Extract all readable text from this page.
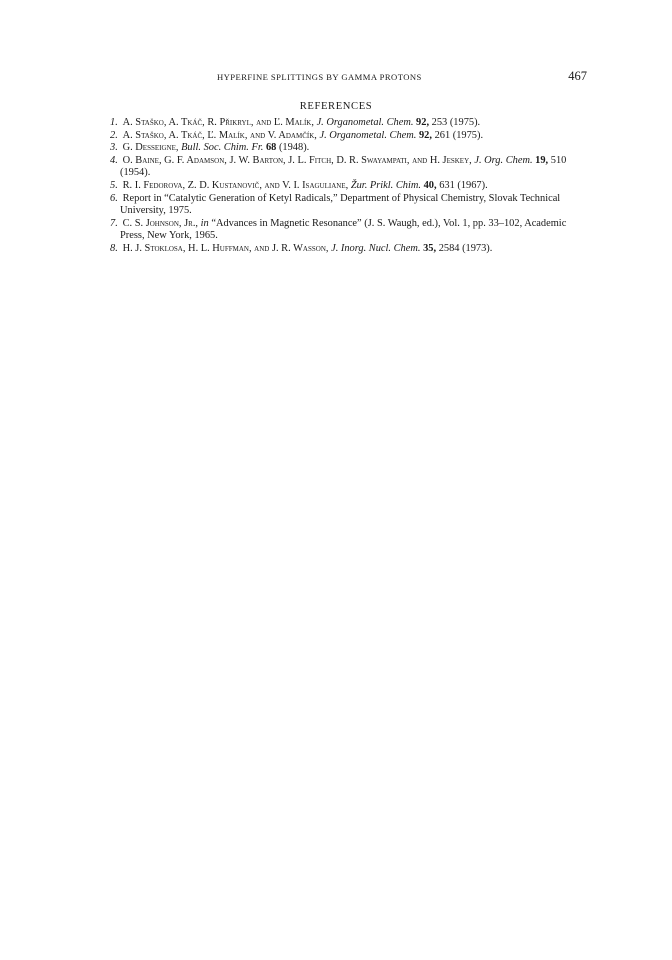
HYPERFINE SPLITTINGS BY GAMMA PROTONS	467
REFERENCES
1. A. Staško, A. Tkáč, R. Přikryl, and Ľ. Malík, J. Organometal. Chem. 92, 253 (1975).
2. A. Staško, A. Tkáč, Ľ. Malík, and V. Adamčík, J. Organometal. Chem. 92, 261 (1975).
3. G. Desseigne, Bull. Soc. Chim. Fr. 68 (1948).
4. O. Baine, G. F. Adamson, J. W. Barton, J. L. Fitch, D. R. Swayampati, and H. Jeskey, J. Org. Chem. 19, 510 (1954).
5. R. I. Fedorova, Z. D. Kustanovič, and V. I. Isaguliane, Žur. Prikl. Chim. 40, 631 (1967).
6. Report in “Catalytic Generation of Ketyl Radicals,” Department of Physical Chemistry, Slovak Technical University, 1975.
7. C. S. Johnson, Jr., in “Advances in Magnetic Resonance” (J. S. Waugh, ed.), Vol. 1, pp. 33–102, Academic Press, New York, 1965.
8. H. J. Stoklosa, H. L. Huffman, and J. R. Wasson, J. Inorg. Nucl. Chem. 35, 2584 (1973).
